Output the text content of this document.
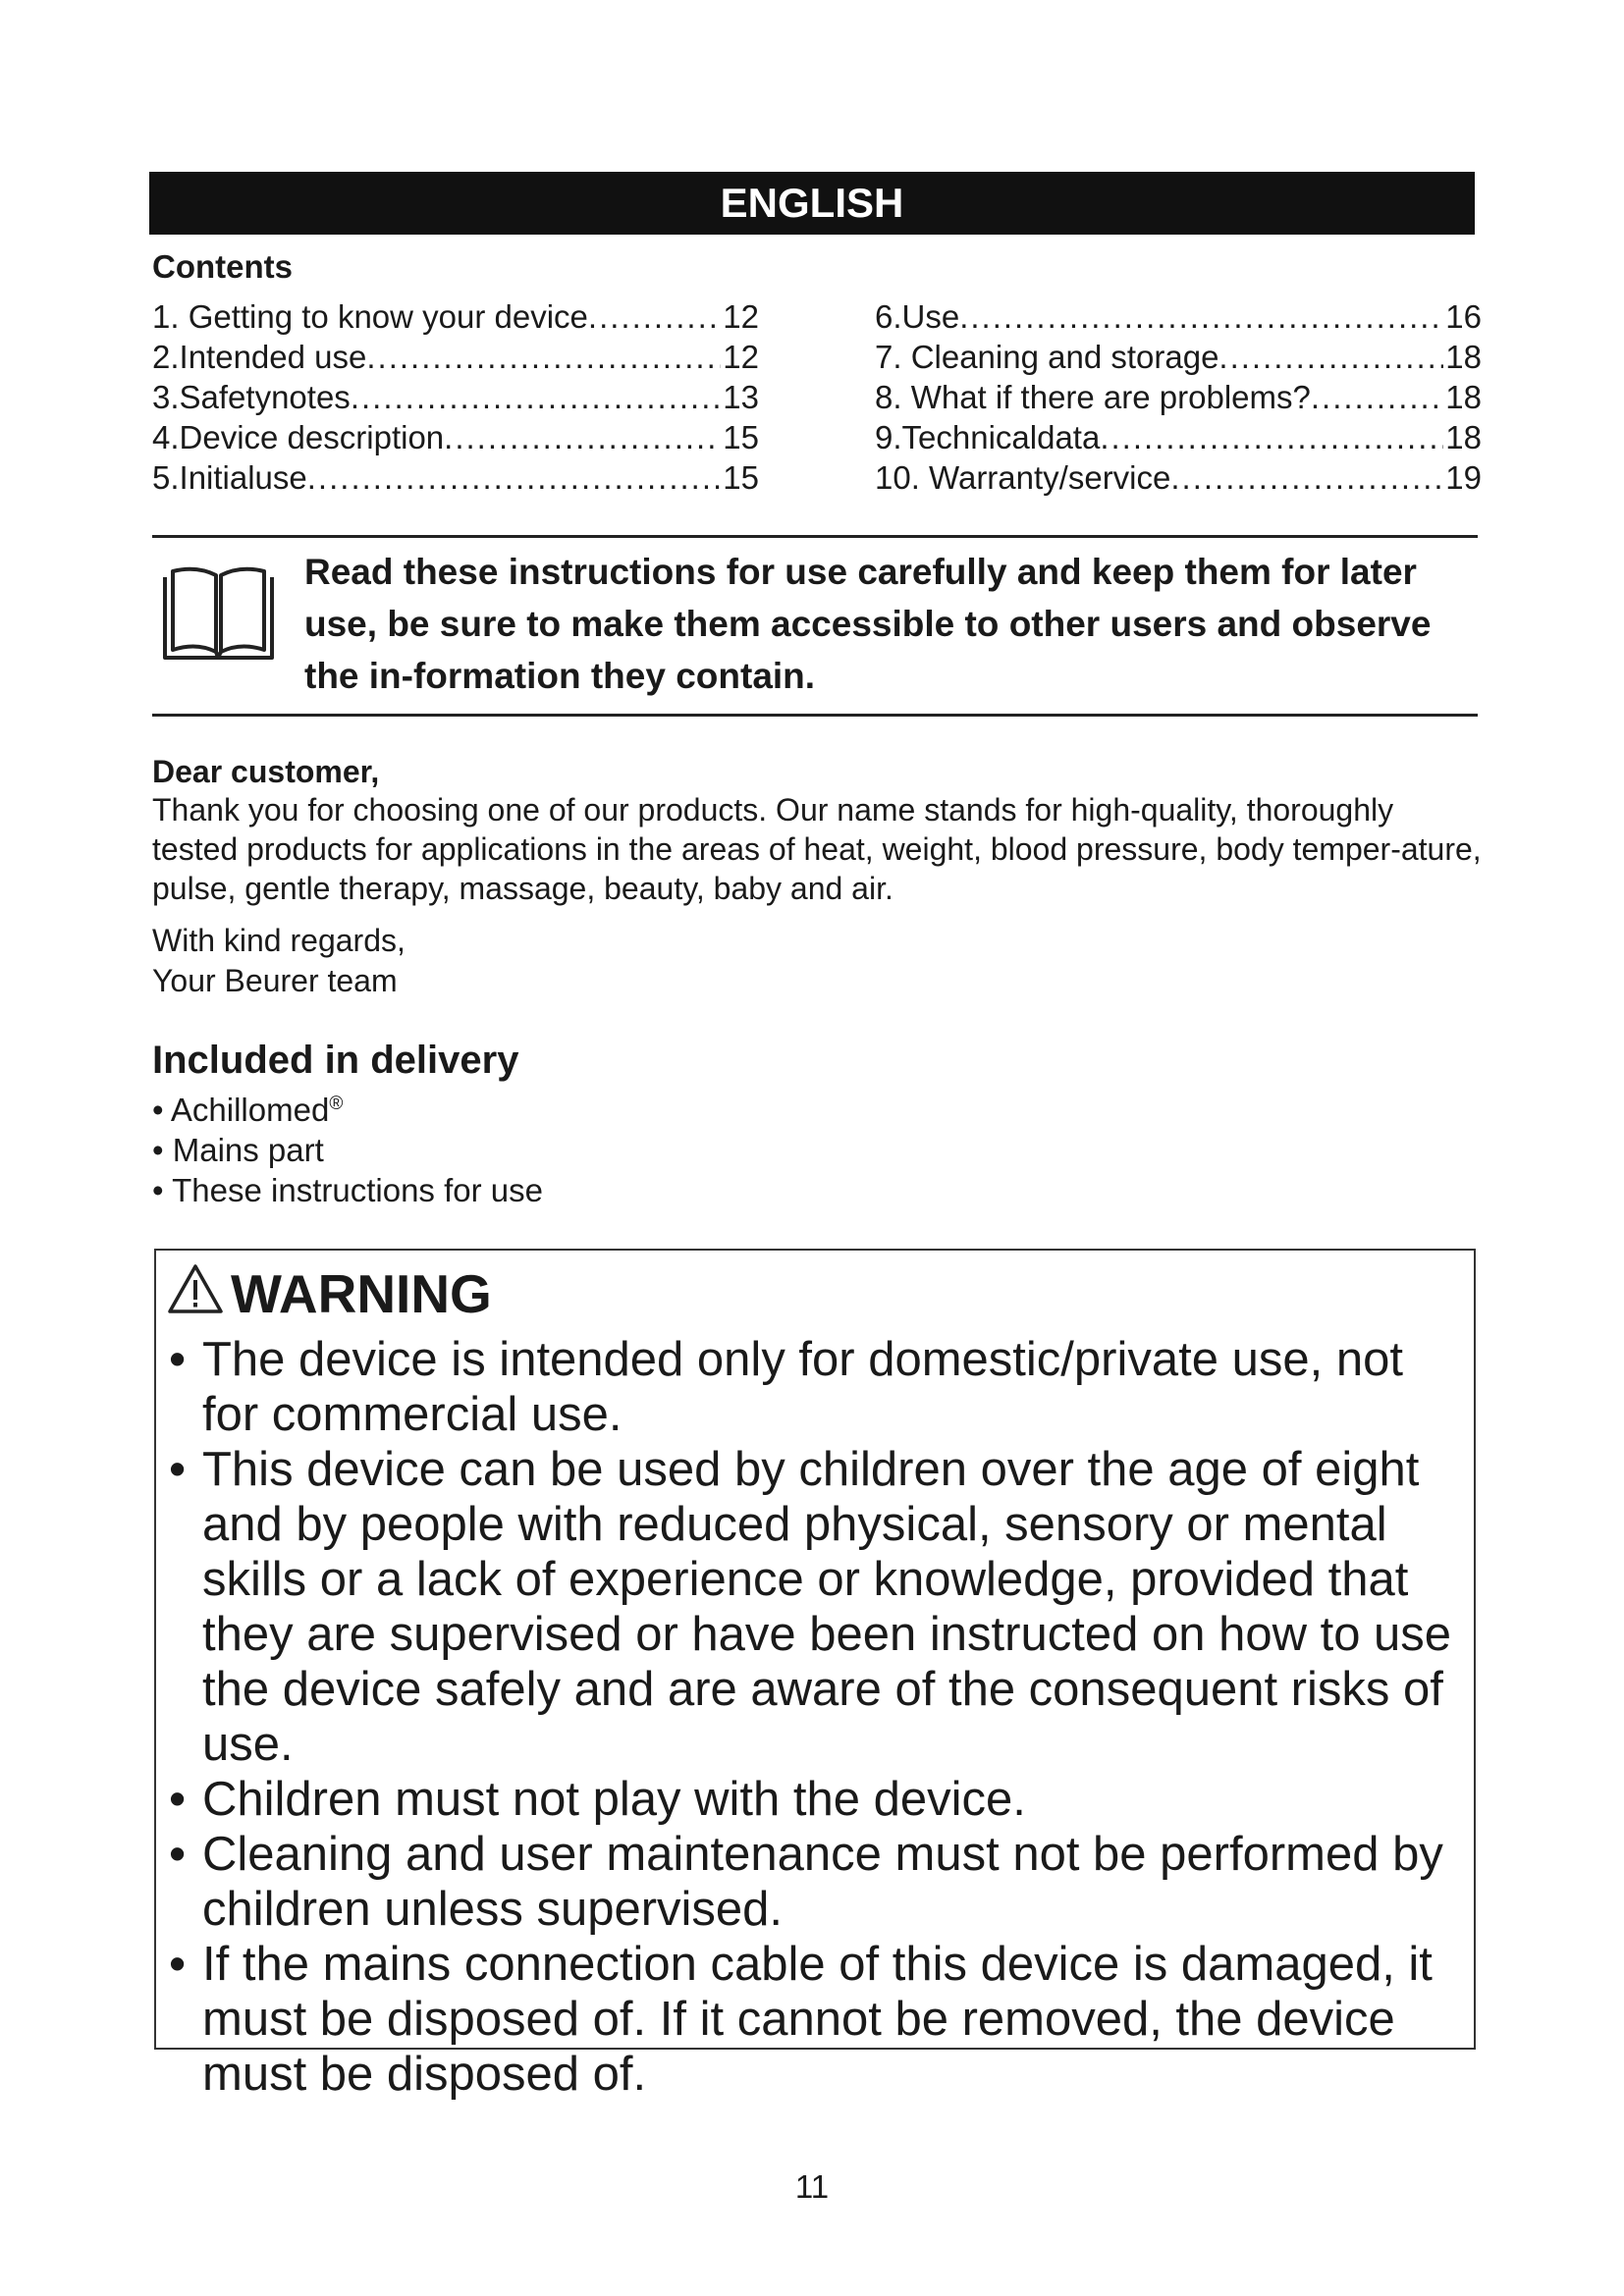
ENGLISH
Contents
1. Getting to know your device .....	12
2.Intended use .....	12
3.Safetynotes .....	13
4.Device description .....	15
5.Initialuse .....	15
6.Use .....	16
7. Cleaning and storage .....	18
8. What if there are problems? .....	18
9.Technicaldata .....	18
10. Warranty/service .....	19
Read these instructions for use carefully and keep them for later use, be sure to make them accessible to other users and observe the in-formation they contain.
Dear customer,
Thank you for choosing one of our products. Our name stands for high-quality, thoroughly tested products for applications in the areas of heat, weight, blood pressure, body temper-ature, pulse, gentle therapy, massage, beauty, baby and air.
With kind regards,
Your Beurer team
Included in delivery
• Achillomed®
• Mains part
• These instructions for use
WARNING
• The device is intended only for domestic/private use, not for commercial use.
• This device can be used by children over the age of eight and by people with reduced physical, sensory or mental skills or a lack of experience or knowledge, provided that they are supervised or have been instructed on how to use the device safely and are aware of the consequent risks of use.
• Children must not play with the device.
• Cleaning and user maintenance must not be performed by children unless supervised.
• If the mains connection cable of this device is damaged, it must be disposed of. If it cannot be removed, the device must be disposed of.
11
